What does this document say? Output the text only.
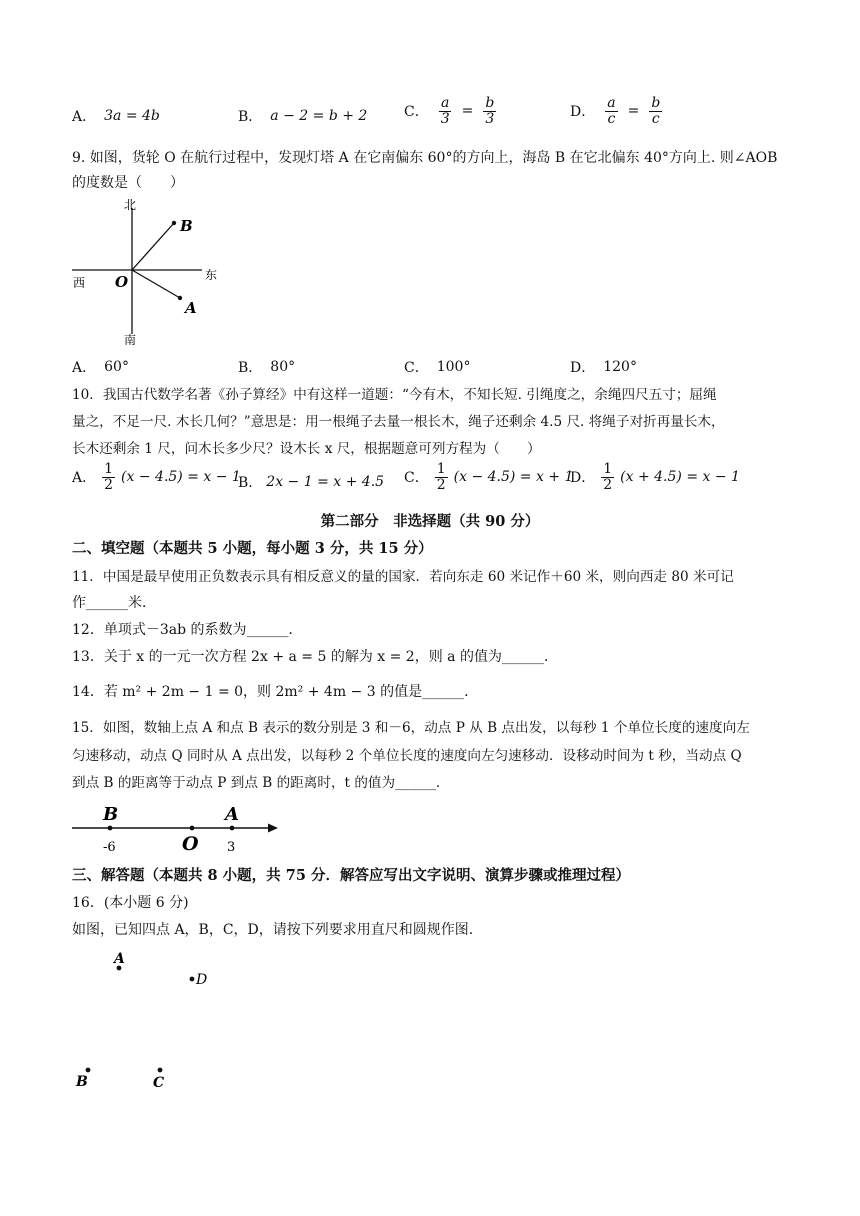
A． 3a = 4b	B． a − 2 = b + 2	C． $\frac{a}{3} = \frac{b}{3}$	D． $\frac{a}{c} = \frac{b}{c}$
9. 如图，货轮 O 在航行过程中，发现灯塔 A 在它南偏东 60°的方向上，海岛 B 在它北偏东 40°方向上. 则∠AOB
的度数是（　　）
北
南
东
西 O
B
A
A． 60°	B． 80°	C． 100°	D． 120°
10．我国古代数学名著《孙子算经》中有这样一道题：“今有木，不知长短. 引绳度之，余绳四尺五寸；屈绳
量之，不足一尺. 木长几何？”意思是：用一根绳子去量一根长木，绳子还剩余 4.5 尺. 将绳子对折再量长木，
长木还剩余 1 尺，问木长多少尺？设木长 x 尺，根据题意可列方程为（　　）
A． $\frac{1}{2} (x - 4.5) = x - 1$
B． 2x − 1 = x + 4.5 C． $\frac{1}{2} (x - 4.5) = x + 1$
D． $\frac{1}{2} (x + 4.5) = x - 1$
第二部分　非选择题（共 90 分）
二、填空题（本题共 5 小题，每小题 3 分，共 15 分）
11．中国是最早使用正负数表示具有相反意义的量的国家．若向东走 60 米记作＋60 米，则向西走 80 米可记
作______米．
12．单项式－3ab 的系数为______．
13．关于 x 的一元一次方程 2x + a = 5 的解为 x = 2，则 a 的值为______．
14．若 m² + 2m − 1 = 0，则 2m² + 4m − 3 的值是______．
15．如图，数轴上点 A 和点 B 表示的数分别是 3 和－6，动点 P 从 B 点出发，以每秒 1 个单位长度的速度向左
匀速移动，动点 Q 同时从 A 点出发，以每秒 2 个单位长度的速度向左匀速移动．设移动时间为 t 秒，当动点 Q
到点 B 的距离等于动点 P 到点 B 的距离时，t 的值为______．
B	A
O
-6	3
三、解答题（本题共 8 小题，共 75 分．解答应写出文字说明、演算步骤或推理过程）
16．(本小题 6 分)
如图，已知四点 A，B，C，D，请按下列要求用直尺和圆规作图．
A
D
B	C
